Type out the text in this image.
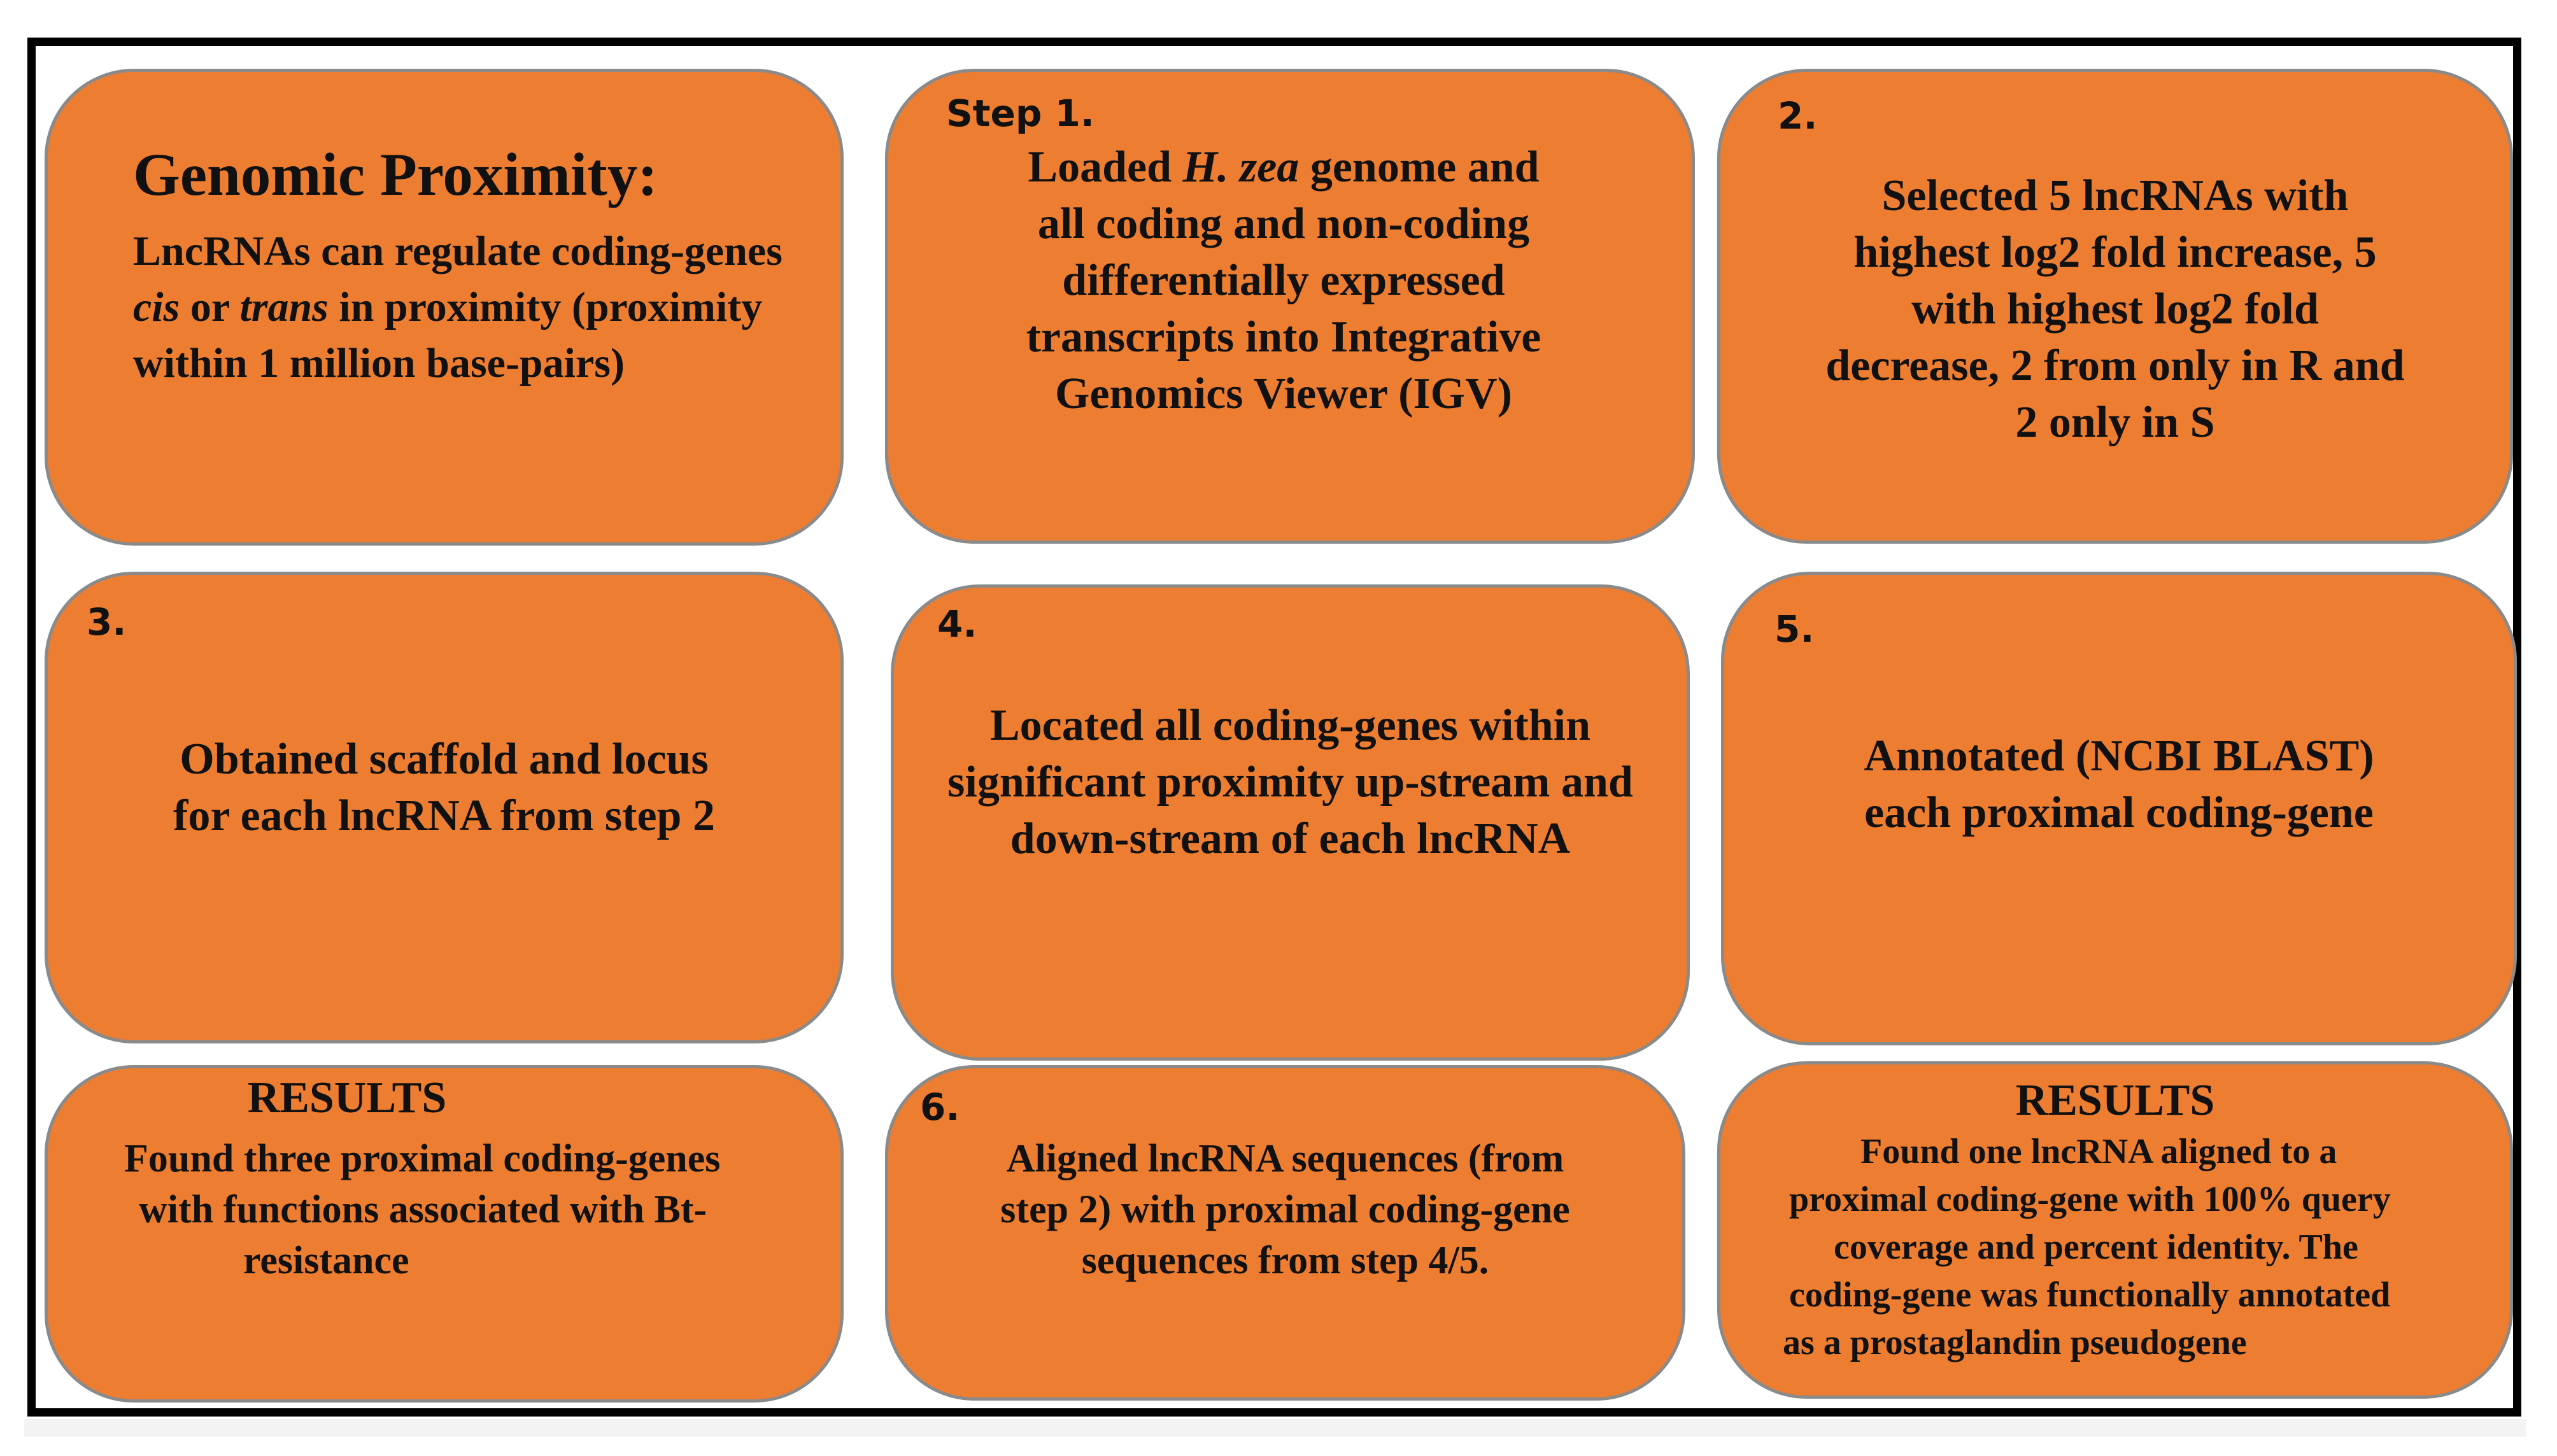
Genomic Proximity:
LncRNAs can regulate coding-genes
cis or trans in proximity (proximity
within 1 million base-pairs)
Step 1.
Loaded H. zea genome and
all coding and non-coding
differentially expressed
transcripts into Integrative
Genomics Viewer (IGV)
2.
Selected 5 lncRNAs with
highest log2 fold increase, 5
with highest log2 fold
decrease, 2 from only in R and
2 only in S
3.
Obtained scaffold and locus
for each lncRNA from step 2
4.
Located all coding-genes within
significant proximity up-stream and
down-stream of each lncRNA
5.
Annotated (NCBI BLAST)
each proximal coding-gene
RESULTS
Found three proximal coding-genes
with functions associated with Bt-
resistance
6.
Aligned lncRNA sequences (from
step 2) with proximal coding-gene
sequences from step 4/5.
RESULTS
Found one lncRNA aligned to a
proximal coding-gene with 100% query
coverage and percent identity. The
coding-gene was functionally annotated
as a prostaglandin pseudogene
